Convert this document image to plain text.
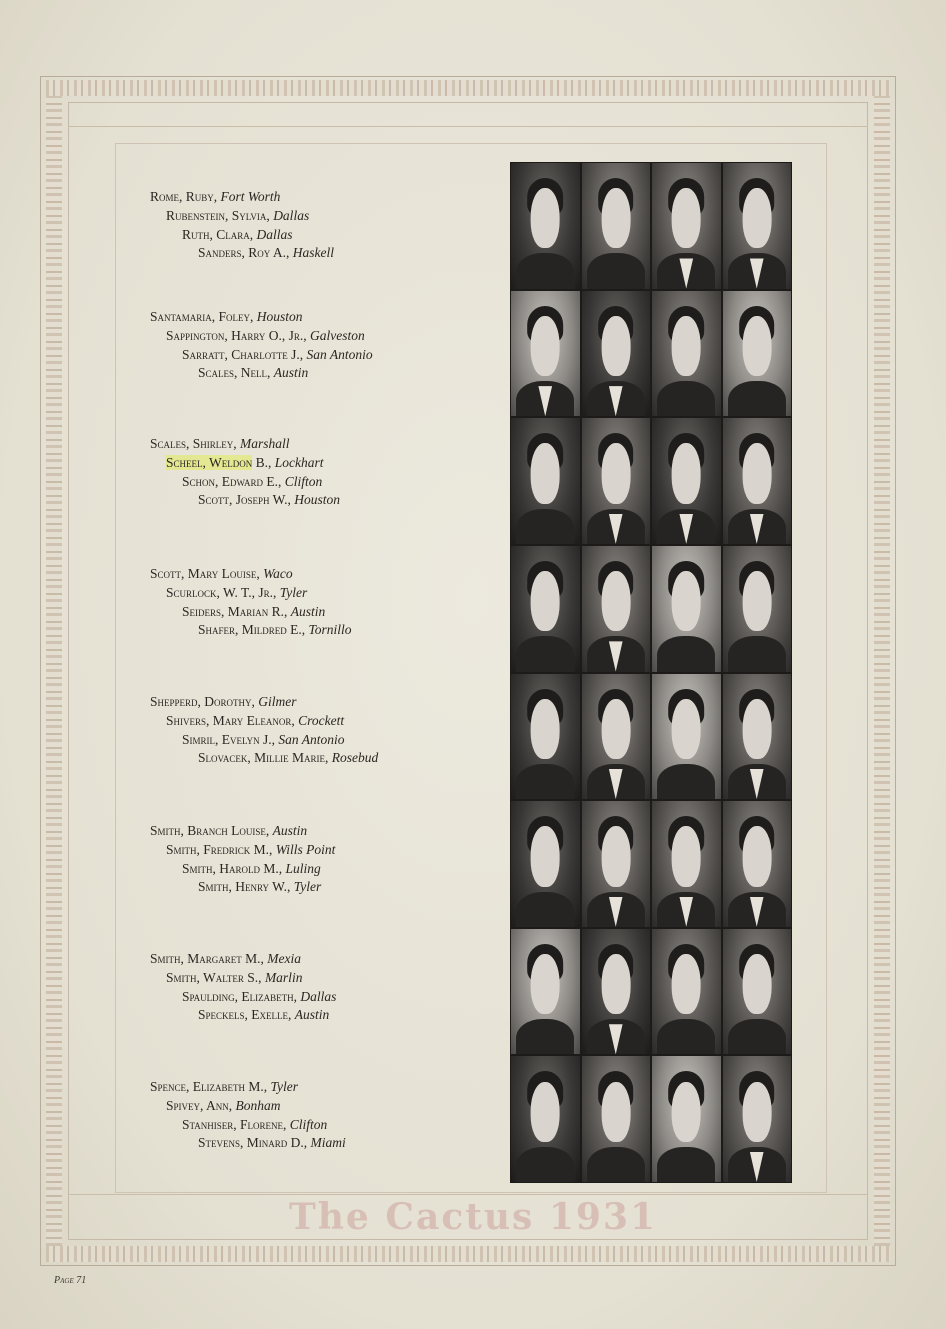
Rome, Ruby, Fort Worth
Rubenstein, Sylvia, Dallas
Ruth, Clara, Dallas
Sanders, Roy A., Haskell
Santamaria, Foley, Houston
Sappington, Harry O., Jr., Galveston
Sarratt, Charlotte J., San Antonio
Scales, Nell, Austin
Scales, Shirley, Marshall
Scheel, Weldon B., Lockhart
Schon, Edward E., Clifton
Scott, Joseph W., Houston
Scott, Mary Louise, Waco
Scurlock, W. T., Jr., Tyler
Seiders, Marian R., Austin
Shafer, Mildred E., Tornillo
Shepperd, Dorothy, Gilmer
Shivers, Mary Eleanor, Crockett
Simril, Evelyn J., San Antonio
Slovacek, Millie Marie, Rosebud
Smith, Branch Louise, Austin
Smith, Fredrick M., Wills Point
Smith, Harold M., Luling
Smith, Henry W., Tyler
Smith, Margaret M., Mexia
Smith, Walter S., Marlin
Spaulding, Elizabeth, Dallas
Speckels, Exelle, Austin
Spence, Elizabeth M., Tyler
Spivey, Ann, Bonham
Stanhiser, Florene, Clifton
Stevens, Minard D., Miami
The Cactus 1931
Page 71
